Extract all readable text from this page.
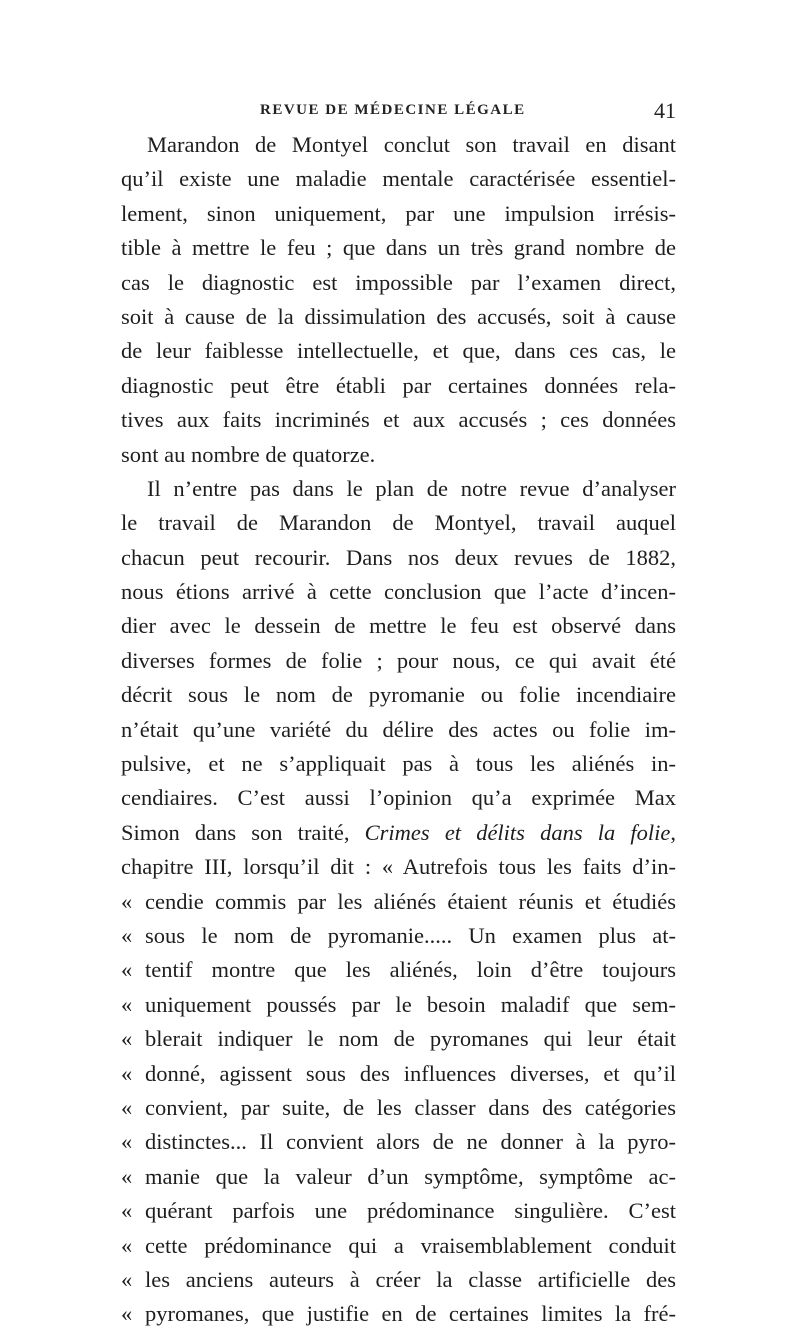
REVUE DE MÉDECINE LÉGALE	41
Marandon de Montyel conclut son travail en disant
qu’il existe une maladie mentale caractérisée essentiel-
lement, sinon uniquement, par une impulsion irrésis-
tible à mettre le feu ; que dans un très grand nombre de
cas le diagnostic est impossible par l’examen direct,
soit à cause de la dissimulation des accusés, soit à cause
de leur faiblesse intellectuelle, et que, dans ces cas, le
diagnostic peut être établi par certaines données rela-
tives aux faits incriminés et aux accusés ; ces données
sont au nombre de quatorze.
Il n’entre pas dans le plan de notre revue d’analyser
le travail de Marandon de Montyel, travail auquel
chacun peut recourir. Dans nos deux revues de 1882,
nous étions arrivé à cette conclusion que l’acte d’incen-
dier avec le dessein de mettre le feu est observé dans
diverses formes de folie ; pour nous, ce qui avait été
décrit sous le nom de pyromanie ou folie incendiaire
n’était qu’une variété du délire des actes ou folie im-
pulsive, et ne s’appliquait pas à tous les aliénés in-
cendiaires. C’est aussi l’opinion qu’a exprimée Max
Simon dans son traité, Crimes et délits dans la folie,
chapitre III, lorsqu’il dit : « Autrefois tous les faits d’in-
« cendie commis par les aliénés étaient réunis et étudiés
« sous le nom de pyromanie..... Un examen plus at-
« tentif montre que les aliénés, loin d’être toujours
« uniquement poussés par le besoin maladif que sem-
« blerait indiquer le nom de pyromanes qui leur était
« donné, agissent sous des influences diverses, et qu’il
« convient, par suite, de les classer dans des catégories
« distinctes... Il convient alors de ne donner à la pyro-
« manie que la valeur d’un symptôme, symptôme ac-
« quérant parfois une prédominance singulière. C’est
« cette prédominance qui a vraisemblablement conduit
« les anciens auteurs à créer la classe artificielle des
« pyromanes, que justifie en de certaines limites la fré-
